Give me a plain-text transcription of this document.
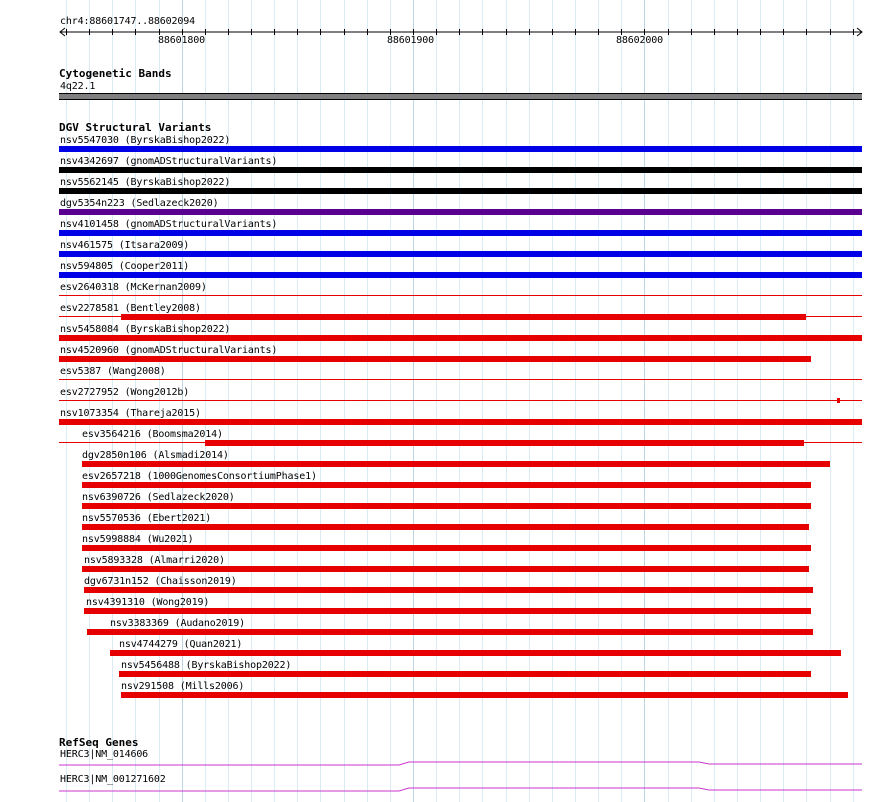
chr4:88601747..88602094
88601800	88601900	88602000
Cytogenetic Bands
4q22.1
DGV Structural Variants
nsv5547030 (ByrskaBishop2022)
nsv4342697 (gnomADStructuralVariants)
nsv5562145 (ByrskaBishop2022)
dgv5354n223 (Sedlazeck2020)
nsv4101458 (gnomADStructuralVariants)
nsv461575 (Itsara2009)
nsv594805 (Cooper2011)
esv2640318 (McKernan2009)
esv2278581 (Bentley2008)
nsv5458084 (ByrskaBishop2022)
nsv4520960 (gnomADStructuralVariants)
esv5387 (Wang2008)
esv2727952 (Wong2012b)
nsv1073354 (Thareja2015)
esv3564216 (Boomsma2014)
dgv2850n106 (Alsmadi2014)
esv2657218 (1000GenomesConsortiumPhase1)
nsv6390726 (Sedlazeck2020)
nsv5570536 (Ebert2021)
nsv5998884 (Wu2021)
nsv5893328 (Almarri2020)
dgv6731n152 (Chaisson2019)
nsv4391310 (Wong2019)
nsv3383369 (Audano2019)
nsv4744279 (Quan2021)
nsv5456488 (ByrskaBishop2022)
nsv291508 (Mills2006)
RefSeq Genes
HERC3|NM_014606
HERC3|NM_001271602
